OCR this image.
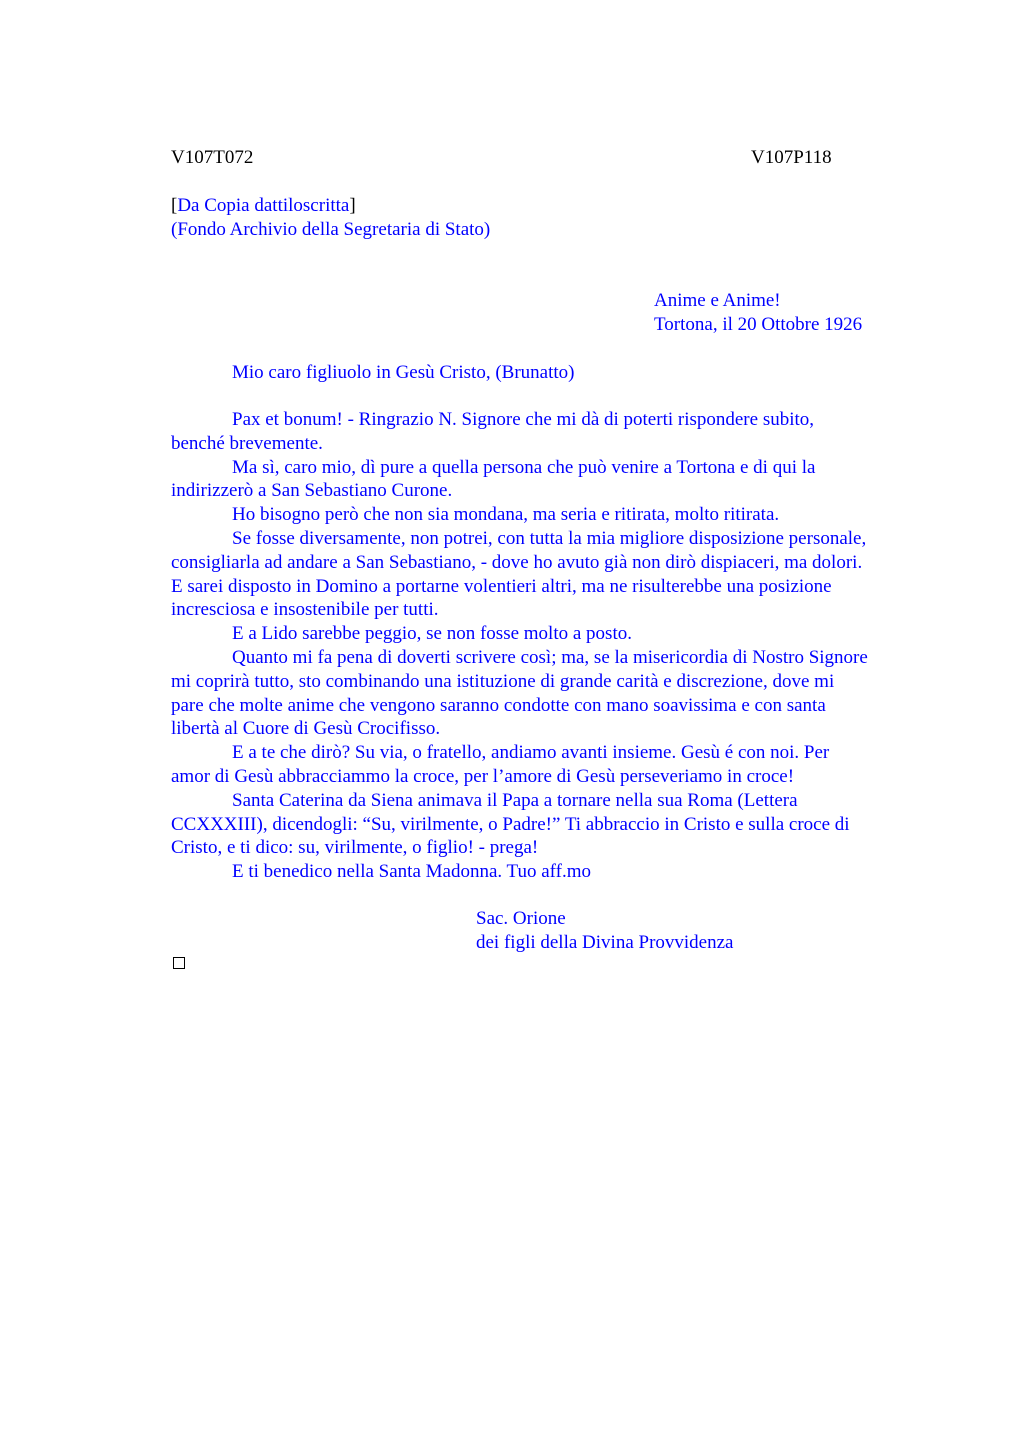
V107T072	V107P118
[Da Copia dattiloscritta]
(Fondo Archivio della Segretaria di Stato)
Anime e Anime!
Tortona, il 20 Ottobre 1926
Mio caro figliuolo in Gesù Cristo, (Brunatto)
Pax et bonum! - Ringrazio N. Signore che mi dà di poterti rispondere subito,
benché brevemente.
Ma sì, caro mio, dì pure a quella persona che può venire a Tortona e di qui la
indirizzerò a San Sebastiano Curone.
Ho bisogno però che non sia mondana, ma seria e ritirata, molto ritirata.
Se fosse diversamente, non potrei, con tutta la mia migliore disposizione personale,
consigliarla ad andare a San Sebastiano, - dove ho avuto già non dirò dispiaceri, ma dolori.
E sarei disposto in Domino a portarne volentieri altri, ma ne risulterebbe una posizione
incresciosa e insostenibile per tutti.
E a Lido sarebbe peggio, se non fosse molto a posto.
Quanto mi fa pena di doverti scrivere così; ma, se la misericordia di Nostro Signore
mi coprirà tutto, sto combinando una istituzione di grande carità e discrezione, dove mi
pare che molte anime che vengono saranno condotte con mano soavissima e con santa
libertà al Cuore di Gesù Crocifisso.
E a te che dirò? Su via, o fratello, andiamo avanti insieme. Gesù é con noi. Per
amor di Gesù abbracciammo la croce, per l’amore di Gesù perseveriamo in croce!
Santa Caterina da Siena animava il Papa a tornare nella sua Roma (Lettera
CCXXXIII), dicendogli: “Su, virilmente, o Padre!” Ti abbraccio in Cristo e sulla croce di
Cristo, e ti dico: su, virilmente, o figlio! - prega!
E ti benedico nella Santa Madonna. Tuo aff.mo
Sac. Orione
dei figli della Divina Provvidenza
